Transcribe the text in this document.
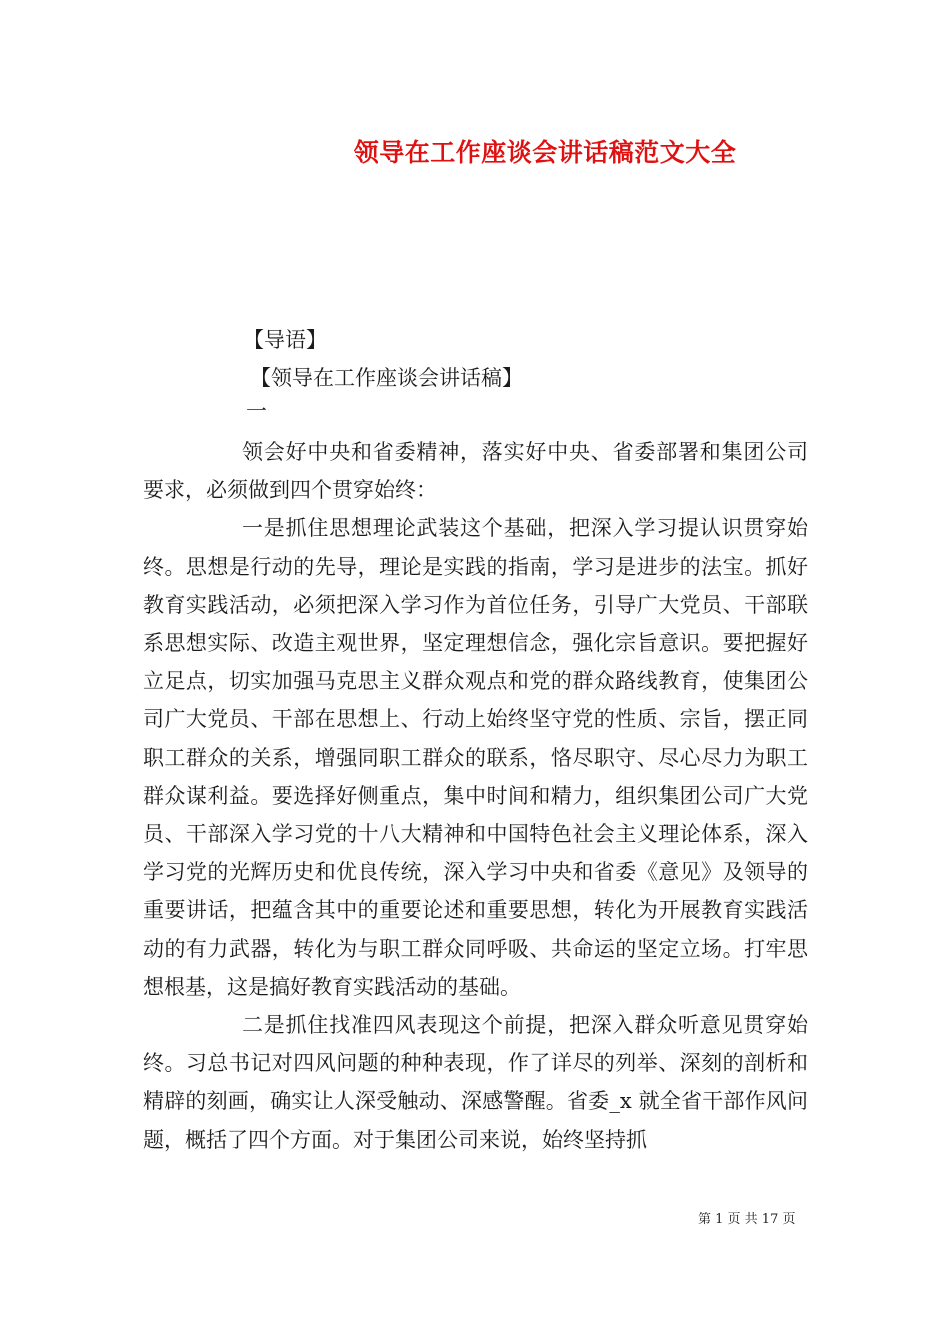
领导在工作座谈会讲话稿范文大全
【导语】
【领导在工作座谈会讲话稿】
一

领会好中央和省委精神，落实好中央、省委部署和集团公司要求，必须做到四个贯穿始终：

一是抓住思想理论武装这个基础，把深入学习提认识贯穿始终。思想是行动的先导，理论是实践的指南，学习是进步的法宝。抓好教育实践活动，必须把深入学习作为首位任务，引导广大党员、干部联系思想实际、改造主观世界，坚定理想信念，强化宗旨意识。要把握好立足点，切实加强马克思主义群众观点和党的群众路线教育，使集团公司广大党员、干部在思想上、行动上始终坚守党的性质、宗旨，摆正同职工群众的关系，增强同职工群众的联系，恪尽职守、尽心尽力为职工群众谋利益。要选择好侧重点，集中时间和精力，组织集团公司广大党员、干部深入学习党的十八大精神和中国特色社会主义理论体系，深入学习党的光辉历史和优良传统，深入学习中央和省委《意见》及领导的重要讲话，把蕴含其中的重要论述和重要思想，转化为开展教育实践活动的有力武器，转化为与职工群众同呼吸、共命运的坚定立场。打牢思想根基，这是搞好教育实践活动的基础。

二是抓住找准四风表现这个前提，把深入群众听意见贯穿始终。习总书记对四风问题的种种表现，作了详尽的列举、深刻的剖析和精辟的刻画，确实让人深受触动、深感警醒。省委_x 就全省干部作风问题，概括了四个方面。对于集团公司来说，始终坚持抓

第 1 页 共 17 页
